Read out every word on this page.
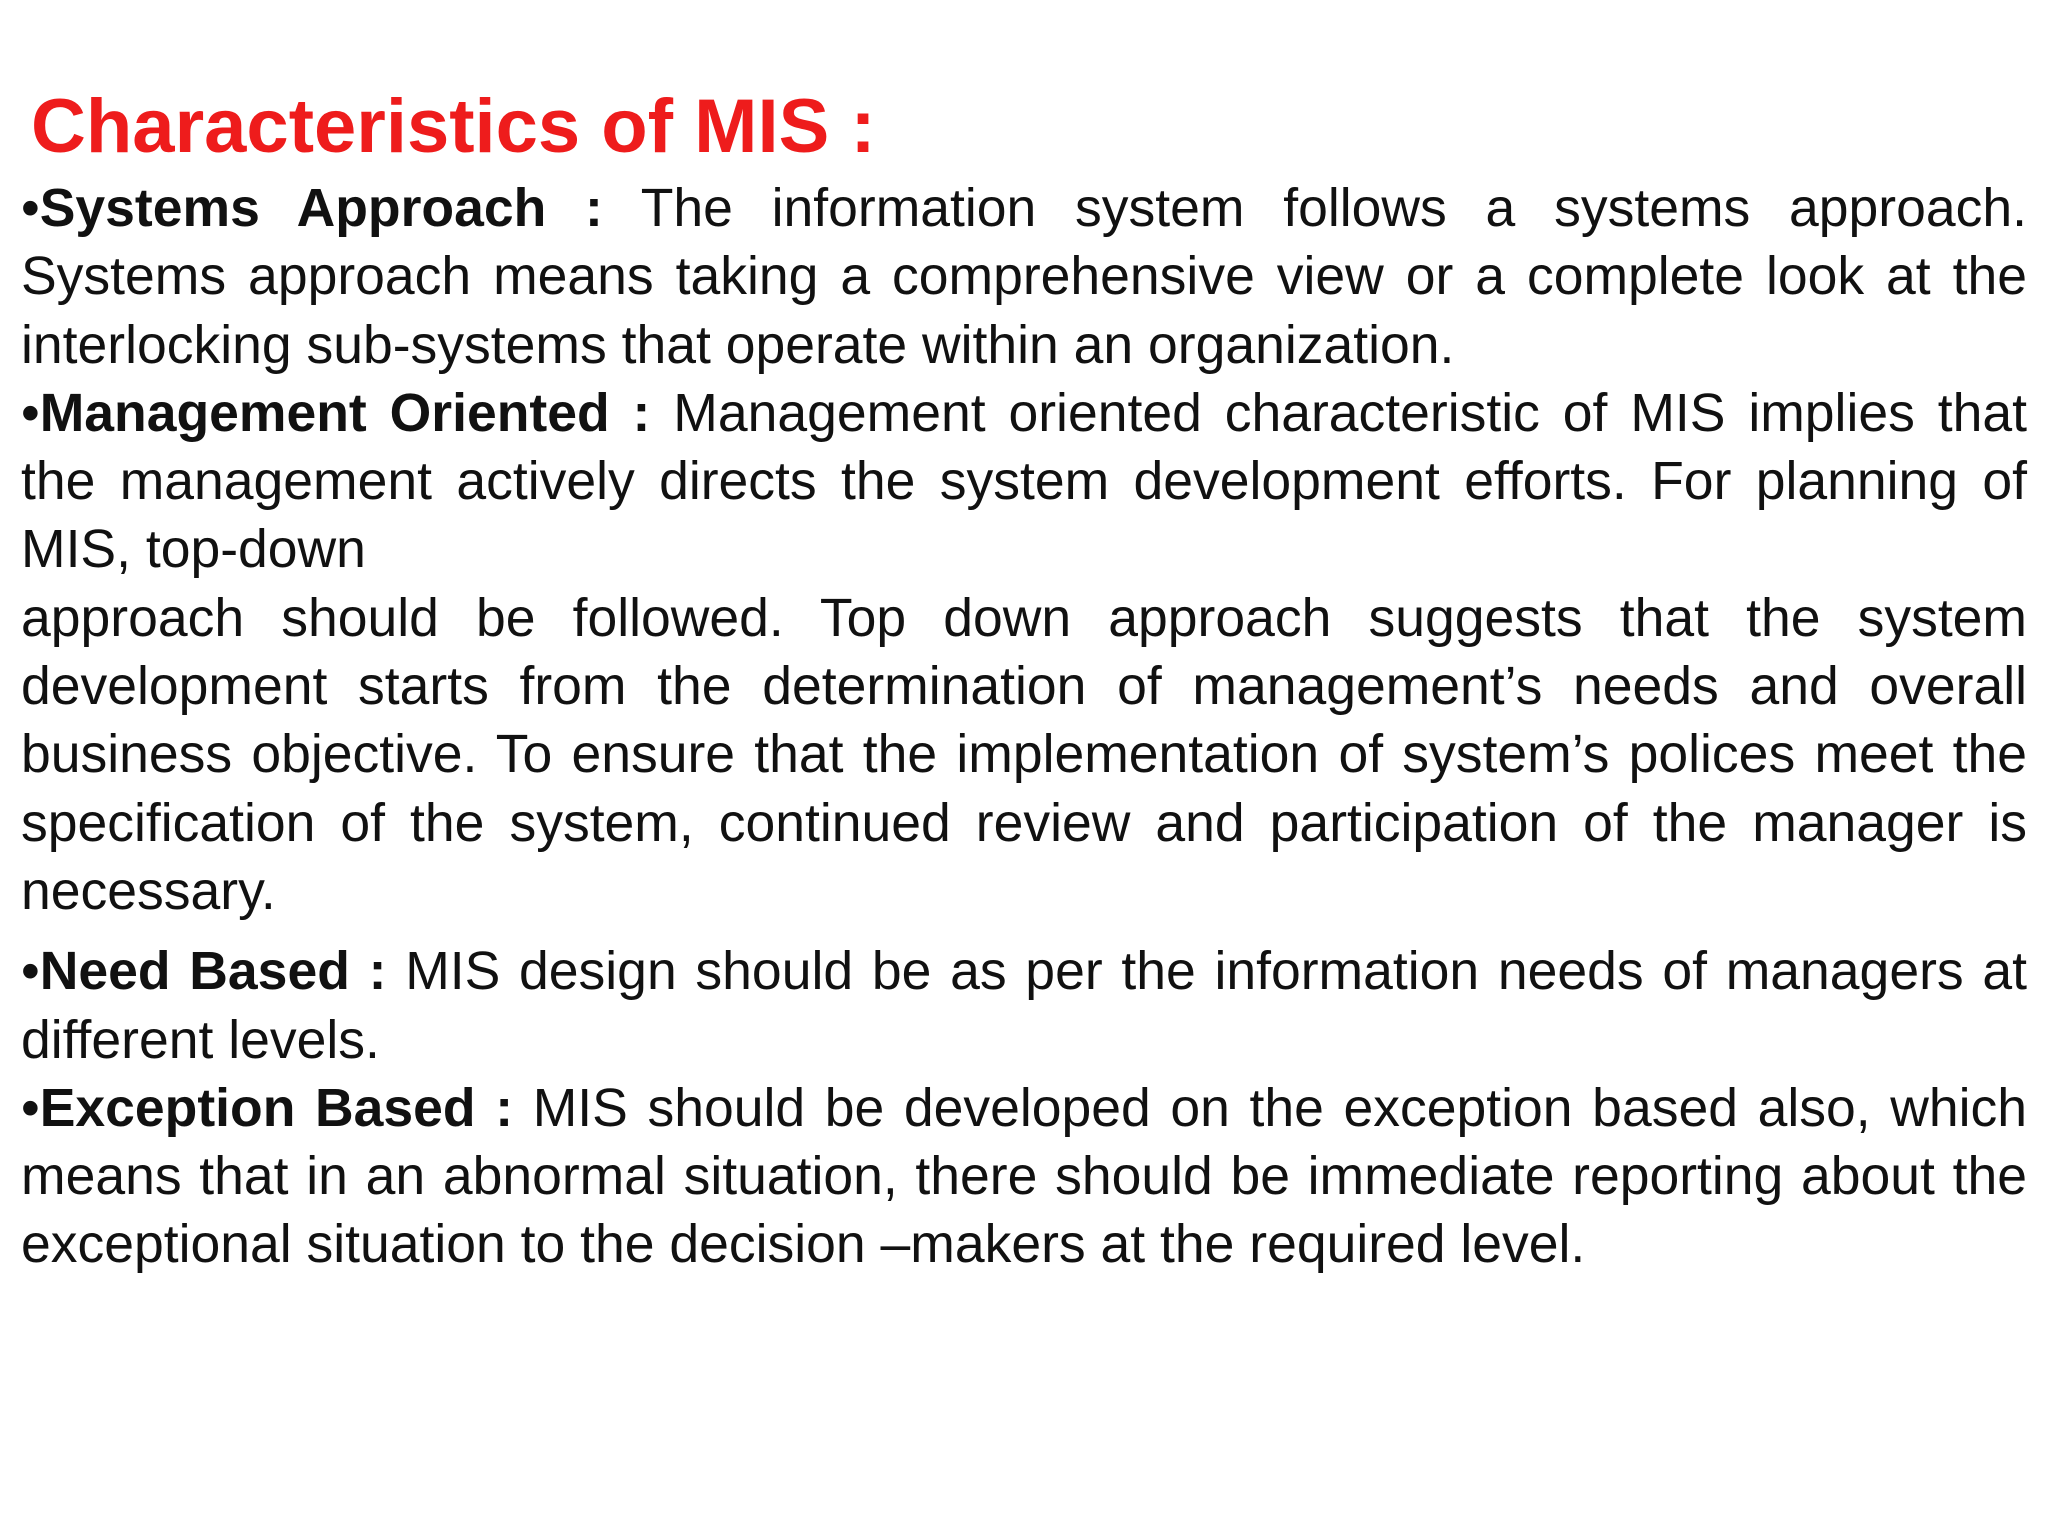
Characteristics of MIS :

•Systems Approach : The information system follows a systems approach. Systems approach means taking a comprehensive view or a complete look at the interlocking sub-systems that operate within an organization.

•Management Oriented : Management oriented characteristic of MIS implies that the management actively directs the system development efforts. For planning of MIS, top-down

approach should be followed. Top down approach suggests that the system development starts from the determination of management’s needs and overall business objective. To ensure that the implementation of system’s polices meet the specification of the system, continued review and participation of the manager is necessary.

•Need Based : MIS design should be as per the information needs of managers at different levels.

•Exception Based : MIS should be developed on the exception based also, which means that in an abnormal situation, there should be immediate reporting about the exceptional situation to the decision –makers at the required level.
